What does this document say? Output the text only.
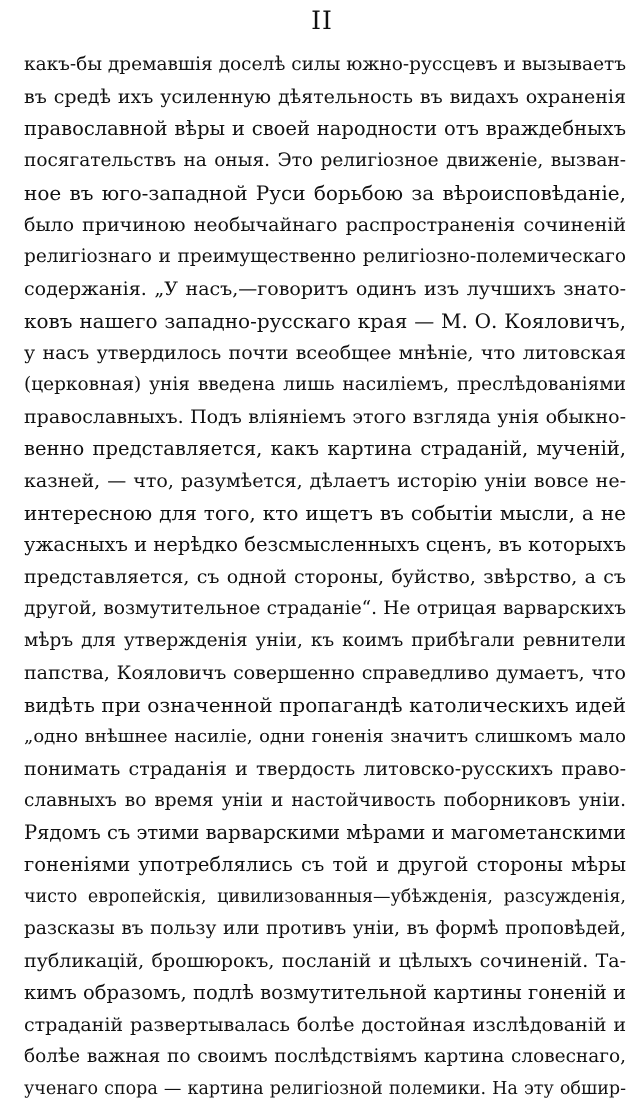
II
какъ-бы дремавшія доселѣ силы южно-руссцевъ и вызываетъ
въ средѣ ихъ усиленную дѣятельность въ видахъ охраненія
православной вѣры и своей народности отъ враждебныхъ
посягательствъ на оныя. Это религіозное движеніе, вызван-
ное въ юго-западной Руси борьбою за вѣроисповѣданіе,
было причиною необычайнаго распространенія сочиненій
религіознаго и преимущественно религіозно-полемическаго
содержанія. „У насъ,—говоритъ одинъ изъ лучшихъ знато-
ковъ нашего западно-русскаго края — М. О. Кояловичъ,
у насъ утвердилось почти всеобщее мнѣніе, что литовская
(церковная) унія введена лишь насиліемъ, преслѣдованіями
православныхъ. Подъ вліяніемъ этого взгляда унія обыкно-
венно представляется, какъ картина страданій, мученій,
казней, — что, разумѣется, дѣлаетъ исторію уніи вовсе не-
интересною для того, кто ищетъ въ событіи мысли, а не
ужасныхъ и нерѣдко безсмысленныхъ сценъ, въ которыхъ
представляется, съ одной стороны, буйство, звѣрство, а съ
другой, возмутительное страданіе“. Не отрицая варварскихъ
мѣръ для утвержденія уніи, къ коимъ прибѣгали ревнители
папства, Кояловичъ совершенно справедливо думаетъ, что
видѣть при означенной пропагандѣ католическихъ идей
„одно внѣшнее насиліе, одни гоненія значитъ слишкомъ мало
понимать страданія и твердость литовско-русскихъ право-
славныхъ во время уніи и настойчивость поборниковъ уніи.
Рядомъ съ этими варварскими мѣрами и магометанскими
гоненіями употреблялись съ той и другой стороны мѣры
чисто европейскія, цивилизованныя—убѣжденія, разсужденія,
разсказы въ пользу или противъ уніи, въ формѣ проповѣдей,
публикацій, брошюрокъ, посланій и цѣлыхъ сочиненій. Та-
кимъ образомъ, подлѣ возмутительной картины гоненій и
страданій развертывалась болѣе достойная изслѣдованій и
болѣе важная по своимъ послѣдствіямъ картина словеснаго,
ученаго спора — картина религіозной полемики. На эту обшир-
